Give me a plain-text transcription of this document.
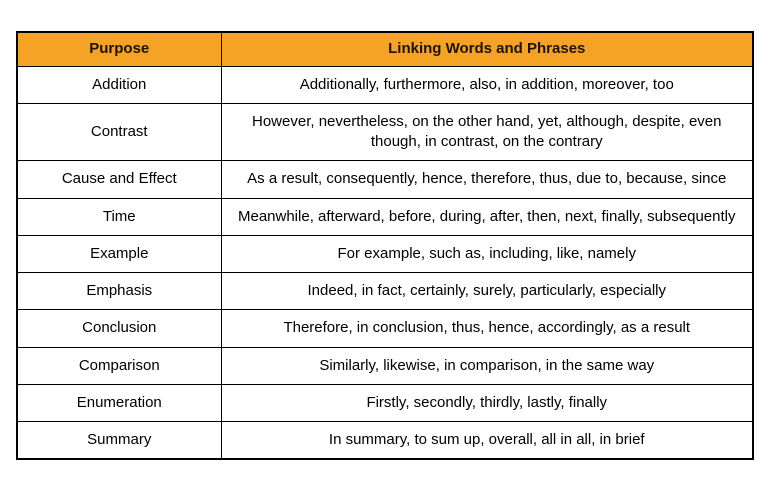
Purpose	Linking Words and Phrases
Addition	Additionally, furthermore, also, in addition, moreover, too
Contrast	However, nevertheless, on the other hand, yet, although, despite, even though, in contrast, on the contrary
Cause and Effect	As a result, consequently, hence, therefore, thus, due to, because, since
Time	Meanwhile, afterward, before, during, after, then, next, finally, subsequently
Example	For example, such as, including, like, namely
Emphasis	Indeed, in fact, certainly, surely, particularly, especially
Conclusion	Therefore, in conclusion, thus, hence, accordingly, as a result
Comparison	Similarly, likewise, in comparison, in the same way
Enumeration	Firstly, secondly, thirdly, lastly, finally
Summary	In summary, to sum up, overall, all in all, in brief
